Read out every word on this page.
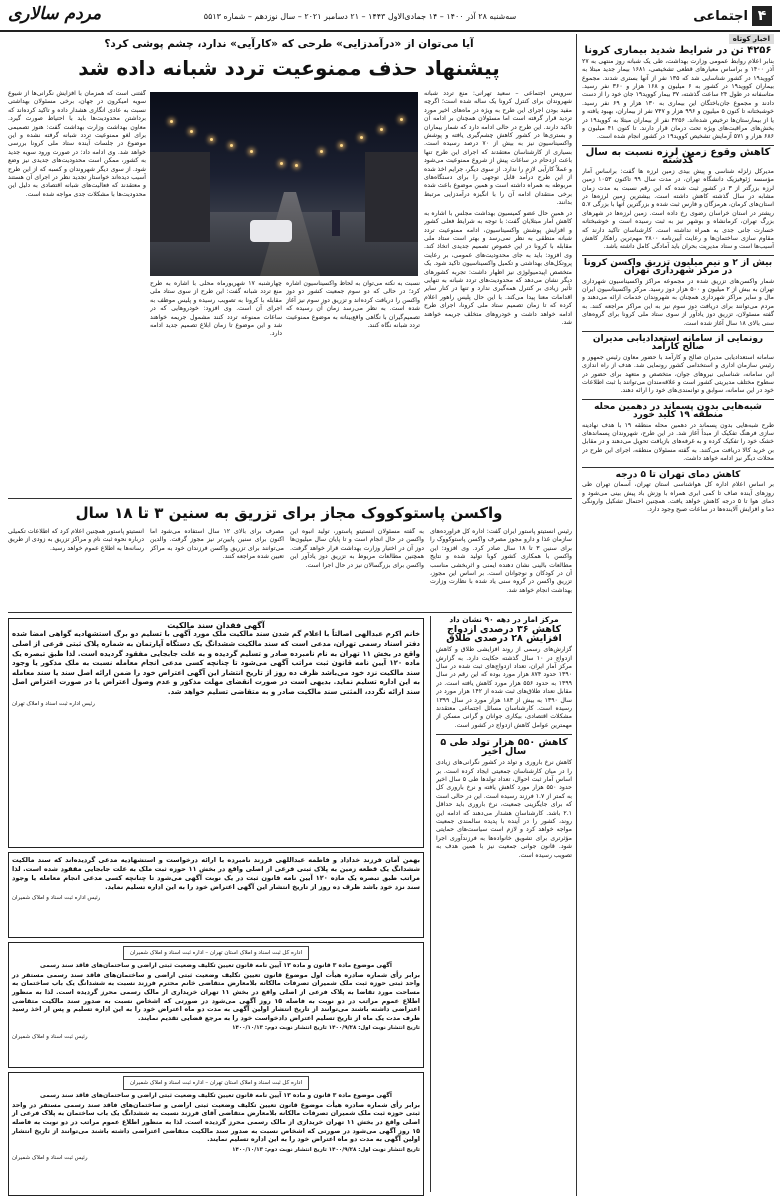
۴
اجتماعی
سه‌شنبه ۲۸ آذر ۱۴۰۰ – ۱۴ جمادی‌الاول ۱۴۴۳ – ۲۱ دسامبر ۲۰۲۱ – سال نوزدهم – شماره ۵۵۱۳
مردم سالاری
اخبار کوتاه
۴۲۵۶ تن در شرایط شدید بیماری کرونا

بنابر اعلام روابط عمومی وزارت بهداشت، طی یک شبانه روز منتهی به ۲۷ آذر ۱۴۰۰ و براساس معیارهای قطعی تشخیصی، ۱۶۸۱ بیمار جدید مبتلا به کووید۱۹ در کشور شناسایی شد که ۱۳۵ نفر از آنها بستری شدند. مجموع بیماران کووید۱۹ در کشور به ۶ میلیون و ۱۶۸ هزار و ۳۶۰ نفر رسید. متاسفانه در طول ۲۴ ساعت گذشته، ۳۷ بیمار کووید۱۹ جان خود را از دست دادند و مجموع جان‌باختگان این بیماری به ۱۳۰ هزار و ۶۹ نفر رسید. خوشبختانه تا کنون ۵ میلیون و ۹۹۶ هزار و ۷۴۷ نفر از بیماران، بهبود یافته و یا از بیمارستان‌ها ترخیص شده‌اند. ۴۲۵۶ نفر از بیماران مبتلا به کووید۱۹ در بخش‌های مراقبت‌های ویژه تحت درمان قرار دارند. تا کنون ۴۱ میلیون و ۶۸۶ هزار و ۵۷۱ آزمایش تشخیص کووید۱۹ در کشور انجام شده است.

کاهش وقوع زمین لرزه نسبت به سال گذشته

مدیرکل زلزله شناسی و پیش بیدی زمین لرزه ها گفت: براساس آمار مؤسسه ژئوفیزیک دانشگاه تهران، در مدت سال ۹۹ تاکنون ۱۰۵۳ زمین لرزه بزرگتر از ۳ در کشور ثبت شده که این رقم نسبت به مدت زمان مشابه در سال گذشته کاهش داشته است. بیشترین زمین لرزه‌ها در استان‌های کرمان، هرمزگان و فارس ثبت شده و بزرگترین آنها با بزرگی ۵.۷ ریشتر در استان خراسان رضوی رخ داده است. زمین لرزه‌ها در شهرهای بزرگ تهران، کرمانشاه و بوشهر نیز به ثبت رسیده است و خوشبختانه خسارت جانی جدی به همراه نداشته است. کارشناسان تاکید دارند که مقاوم سازی ساختمان‌ها و رعایت آیین‌نامه ۲۸۰۰ مهم‌ترین راهکار کاهش آسیب‌ها است و ستاد مدیریت بحران باید آمادگی کامل داشته باشد.

بیش از ۲ و نیم میلیون تزریق واکسن کرونا در مرکز شهرداری تهران

شمار واکسن‌های تزریق شده در مجموعه مراکز واکسیناسیون شهرداری تهران به بیش از ۲ میلیون و ۵۰۰ هزار دوز رسید. مرکز واکسیناسیون ایران مال و سایر مراکز شهرداری همچنان به شهروندان خدمات ارائه می‌دهند و مردم می‌توانند برای دریافت دوز سوم نیز به این مراکز مراجعه کنند. به گفته مسئولان، تزریق دوز یادآور از سوی ستاد ملی کرونا برای گروه‌های سنی بالای ۱۸ سال آغاز شده است.

رونمایی از سامانه استعدادیابی مدیران صالح کارآمد

سامانه استعدادیابی مدیران صالح و کارآمد با حضور معاون رئیس جمهور و رئیس سازمان اداری و استخدامی کشور رونمایی شد. هدف از راه اندازی این سامانه، شناسایی نیروهای جوان، متخصص و متعهد برای حضور در سطوح مختلف مدیریتی کشور است و علاقه‌مندان می‌توانند با ثبت اطلاعات خود در این سامانه، سوابق و توانمندی‌های خود را ارائه دهند.

شبه‌هایی بدون پسماند در دهمین محله منطقه ۱۹ کلید خورد

طرح شبه‌هایی بدون پسماند در دهمین محله منطقه ۱۹ با هدف نهادینه سازی فرهنگ تفکیک از مبدأ آغاز شد. در این طرح، شهروندان پسماندهای خشک خود را تفکیک کرده و به غرفه‌های بازیافت تحویل می‌دهند و در مقابل بن خرید کالا دریافت می‌کنند. به گفته مسئولان منطقه، اجرای این طرح در محلات دیگر نیز ادامه خواهد داشت.

کاهش دمای تهران تا ۵ درجه

بر اساس اعلام اداره کل هواشناسی استان تهران، آسمان تهران طی روزهای آینده صاف تا کمی ابری همراه با وزش باد پیش بینی می‌شود و دمای هوا تا ۵ درجه کاهش خواهد یافت. همچنین احتمال تشکیل وارونگی دما و افزایش آلاینده‌ها در ساعات صبح وجود دارد.

آیا می‌توان از «درآمدزایی» طرحی که «کارآیی» ندارد، چشم پوشی کرد؟
پیشنهاد حذف ممنوعیت تردد شبانه داده شد

سرویس اجتماعی – سعید تهرانی: منع تردد شبانه شهروندان برای کنترل کرونا یک ساله شده است؛ اگرچه مفید بودن اجرای این طرح به ویژه در ماه‌های اخیر مورد تردید قرار گرفته است اما مسئولان همچنان بر ادامه آن تاکید دارند. این طرح در حالی ادامه دارد که شمار بیماران و بستری‌ها در کشور کاهش چشم‌گیری یافته و پوشش واکسیناسیون نیز به بیش از ۷۰ درصد رسیده است. بسیاری از کارشناسان معتقدند که اجرای این طرح تنها باعث ازدحام در ساعات پیش از شروع ممنوعیت می‌شود و عملاً کارآیی لازم را ندارد. از سوی دیگر، جرایم اخذ شده از این طرح درآمد قابل توجهی را برای دستگاه‌های مربوطه به همراه داشته است و همین موضوع باعث شده برخی منتقدان ادامه آن را با انگیزه درآمدزایی مرتبط بدانند.

در همین حال عضو کمیسیون بهداشت مجلس با اشاره به کاهش آمار مبتلایان گفت: با توجه به شرایط فعلی کشور و افزایش پوشش واکسیناسیون، ادامه ممنوعیت تردد شبانه منطقی به نظر نمی‌رسد و بهتر است ستاد ملی مقابله با کرونا در این خصوص تصمیم جدیدی اتخاذ کند. وی افزود: باید به جای محدودیت‌های عمومی، بر رعایت پروتکل‌های بهداشتی و تکمیل واکسیناسیون تاکید شود. یک متخصص اپیدمیولوژی نیز اظهار داشت: تجربه کشورهای دیگر نشان می‌دهد که محدودیت‌های تردد شبانه به تنهایی تأثیر زیادی بر کنترل همه‌گیری ندارد و تنها در کنار سایر اقدامات معنا پیدا می‌کند. با این حال پلیس راهور اعلام کرده که تا زمان تصمیم ستاد ملی کرونا، اجرای طرح ادامه خواهد داشت و خودروهای متخلف جریمه خواهند شد.

نسبت به نکته می‌توان به لحاظ واکسیناسیون اشاره کرد؛ در حالی که دو سوم جمعیت کشور دو دوز واکسن را دریافت کرده‌اند و تزریق دوز سوم نیز آغاز شده است. به نظر می‌رسد زمان آن رسیده که تصمیم‌گیران با نگاهی واقع‌بینانه به موضوع ممنوعیت تردد شبانه نگاه کنند.

چهارشنبه ۱۷ شهریورماه محلی با اشاره به طرح منع تردد شبانه گفت: این طرح از سوی ستاد ملی مقابله با کرونا به تصویب رسیده و پلیس موظف به اجرای آن است. وی افزود: خودروهایی که در ساعات ممنوعه تردد کنند مشمول جریمه خواهند شد و این موضوع تا زمان ابلاغ تصمیم جدید ادامه دارد.

گفتنی است که همزمان با افزایش نگرانی‌ها از شیوع سویه امیکرون در جهان، برخی مسئولان بهداشتی نسبت به عادی انگاری هشدار داده و تاکید کرده‌اند که برداشتن محدودیت‌ها باید با احتیاط صورت گیرد. معاون بهداشت وزارت بهداشت گفت: هنوز تصمیمی برای لغو ممنوعیت تردد شبانه گرفته نشده و این موضوع در جلسات آینده ستاد ملی کرونا بررسی خواهد شد. وی ادامه داد: در صورت ورود سویه جدید به کشور، ممکن است محدودیت‌های جدیدی نیز وضع شود. از سوی دیگر شهروندان و کسبه که از این طرح آسیب دیده‌اند خواستار تجدید نظر در اجرای آن هستند و معتقدند که فعالیت‌های شبانه اقتصادی به دلیل این محدودیت‌ها با مشکلات جدی مواجه شده است.

واکسن پاستوکووک مجاز برای تزریق به سنین ۳ تا ۱۸ سال

رئیس انستیتو پاستور ایران گفت: اداره کل فرآورده‌های سازمان غذا و دارو مجوز مصرف واکسن پاستوکووک را برای سنین ۳ تا ۱۸ سال صادر کرد. وی افزود: این واکسن با همکاری کشور کوبا تولید شده و نتایج مطالعات بالینی نشان دهنده ایمنی و اثربخشی مناسب آن در کودکان و نوجوانان است. بر اساس این مجوز، تزریق واکسن در گروه سنی یاد شده با نظارت وزارت بهداشت انجام خواهد شد.

به گفته مسئولان انستیتو پاستور، تولید انبوه این واکسن در حال انجام است و تا پایان سال میلیون‌ها دوز آن در اختیار وزارت بهداشت قرار خواهد گرفت. همچنین مطالعات مربوط به تزریق دوز یادآور این واکسن برای بزرگسالان نیز در حال اجرا است.

مصرف برای بالای ۱۲ سال استفاده می‌شود اما اکنون برای سنین پایین‌تر نیز مجوز گرفت. والدین می‌توانند برای تزریق واکسن فرزندان خود به مراکز تعیین شده مراجعه کنند.

انستیتو پاستور همچنین اعلام کرد که اطلاعات تکمیلی درباره نحوه ثبت نام و مراکز تزریق به زودی از طریق رسانه‌ها به اطلاع عموم خواهد رسید.

مرکز آمار در دهه ۹۰ نشان داد
کاهش ۳۶ درصدی ازدواج افزایش ۲۸ درصدی طلاق

گزارش‌های رسمی از روند افزایشی طلاق و کاهش ازدواج در ۱۰ سال گذشته حکایت دارد. به گزارش مرکز آمار ایران، تعداد ازدواج‌های ثبت شده در سال ۱۳۹۰ حدود ۸۷۴ هزار مورد بوده که این رقم در سال ۱۳۹۹ به حدود ۵۵۶ هزار مورد کاهش یافته است. در مقابل تعداد طلاق‌های ثبت شده از ۱۴۲ هزار مورد در سال ۱۳۹۰ به بیش از ۱۸۳ هزار مورد در سال ۱۳۹۹ رسیده است. کارشناسان مسائل اجتماعی معتقدند مشکلات اقتصادی، بیکاری جوانان و گرانی مسکن از مهمترین عوامل کاهش ازدواج در کشور است.

کاهش ۵۵۰ هزار تولد طی ۵ سال اخیر

کاهش نرخ باروری و تولد در کشور نگرانی‌های زیادی را در میان کارشناسان جمعیتی ایجاد کرده است. بر اساس آمار ثبت احوال، تعداد تولدها طی ۵ سال اخیر حدود ۵۵۰ هزار مورد کاهش یافته و نرخ باروری کل به کمتر از ۱.۷ فرزند رسیده است. این در حالی است که برای جایگزینی جمعیت، نرخ باروری باید حداقل ۲.۱ باشد. کارشناسان هشدار می‌دهند که ادامه این روند، کشور را در آینده با پدیده سالمندی جمعیت مواجه خواهد کرد و لازم است سیاست‌های حمایتی مؤثرتری برای تشویق خانواده‌ها به فرزندآوری اجرا شود. قانون جوانی جمعیت نیز با همین هدف به تصویب رسیده است.

آگهی فقدان سند مالکیت

خانم اکرم عبدالهی اصالتاً با اعلام گم شدن سند مالکیت ملک مورد آگهی با تسلیم دو برگ استشهادیه گواهی امضا شده دفتر اسناد رسمی تهران، مدعی است که سند مالکیت ششدانگ یک دستگاه آپارتمان به شماره پلاک ثبتی فرعی از اصلی واقع در بخش ۱۱ تهران به نام نامبرده صادر و تسلیم گردیده و به علت جابجایی مفقود گردیده است. لذا طبق تبصره یک ماده ۱۲۰ آیین نامه قانون ثبت مراتب آگهی می‌شود تا چنانچه کسی مدعی انجام معامله نسبت به ملک مذکور یا وجود سند مالکیت نزد خود می‌باشد ظرف ده روز از تاریخ انتشار این آگهی اعتراض خود را ضمن ارائه اصل سند یا سند معامله به این اداره تسلیم نماید. بدیهی است در صورت انقضای مهلت مذکور و عدم وصول اعتراض یا در صورت اعتراض اصل سند ارائه نگردد، المثنی سند مالکیت صادر و به متقاضی تسلیم خواهد شد.

رئیس اداره ثبت اسناد و املاک تهران

بهمن آمان فرزند خداداد و فاطمه عبداللهی فرزند نامبرده با ارائه درخواست و استشهادیه مدعی گردیده‌اند که سند مالکیت ششدانگ یک قطعه زمین به پلاک ثبتی فرعی از اصلی واقع در بخش ۱۱ حوزه ثبت ملک به علت جابجایی مفقود شده است. لذا مراتب طبق تبصره یک ماده ۱۲۰ آیین نامه قانون ثبت در یک نوبت آگهی می‌شود تا چنانچه کسی مدعی انجام معامله یا وجود سند نزد خود باشد ظرف ده روز از تاریخ انتشار این آگهی اعتراض خود را به این اداره تسلیم نماید.

رئیس اداره ثبت اسناد و املاک شمیران
اداره کل ثبت اسناد و املاک استان تهران – اداره ثبت اسناد و املاک شمیران
آگهی موضوع ماده ۳ قانون و ماده ۱۳ آیین نامه قانون تعیین تکلیف وضعیت ثبتی اراضی و ساختمان‌های فاقد سند رسمی

برابر رأی شماره صادره هیأت اول موضوع قانون تعیین تکلیف وضعیت ثبتی اراضی و ساختمان‌های فاقد سند رسمی مستقر در واحد ثبتی حوزه ثبت ملک شمیران تصرفات مالکانه بلامعارض متقاضی خانم محترم فرزند نسبت به ششدانگ یک باب ساختمان به مساحت مورد تقاضا به پلاک فرعی از اصلی واقع در بخش ۱۱ تهران خریداری از مالک رسمی محرز گردیده است. لذا به منظور اطلاع عموم مراتب در دو نوبت به فاصله ۱۵ روز آگهی می‌شود در صورتی که اشخاص نسبت به صدور سند مالکیت متقاضی اعتراضی داشته باشند می‌توانند از تاریخ انتشار اولین آگهی به مدت دو ماه اعتراض خود را به این اداره تسلیم و پس از اخذ رسید ظرف مدت یک ماه از تاریخ تسلیم اعتراض دادخواست خود را به مرجع قضایی تقدیم نمایند.

تاریخ انتشار نوبت اول: ۱۴۰۰/۹/۲۸ تاریخ انتشار نوبت دوم: ۱۴۰۰/۱۰/۱۳
رئیس ثبت اسناد و املاک شمیران
اداره کل ثبت اسناد و املاک استان تهران – اداره ثبت اسناد و املاک شمیران
آگهی موضوع ماده ۳ قانون و ماده ۱۳ آیین نامه قانون تعیین تکلیف وضعیت ثبتی اراضی و ساختمان‌های فاقد سند رسمی

برابر رأی شماره صادره هیأت موضوع قانون تعیین تکلیف وضعیت ثبتی اراضی و ساختمان‌های فاقد سند رسمی مستقر در واحد ثبتی حوزه ثبت ملک شمیران تصرفات مالکانه بلامعارض متقاضی آقای فرزند نسبت به ششدانگ یک باب ساختمان به پلاک فرعی از اصلی واقع در بخش ۱۱ تهران خریداری از مالک رسمی محرز گردیده است. لذا به منظور اطلاع عموم مراتب در دو نوبت به فاصله ۱۵ روز آگهی می‌شود در صورتی که اشخاص نسبت به صدور سند مالکیت متقاضی اعتراضی داشته باشند می‌توانند از تاریخ انتشار اولین آگهی به مدت دو ماه اعتراض خود را به این اداره تسلیم نمایند.

تاریخ انتشار نوبت اول: ۱۴۰۰/۹/۲۸ تاریخ انتشار نوبت دوم: ۱۴۰۰/۱۰/۱۳
رئیس ثبت اسناد و املاک شمیران
